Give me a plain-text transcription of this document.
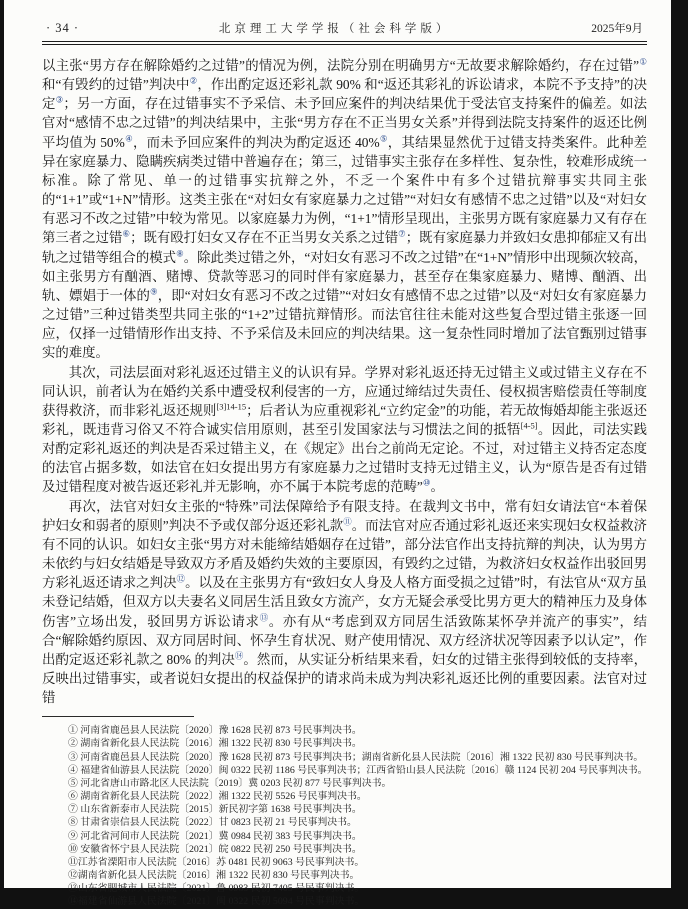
· 34 ·	北京理工大学学报（社会科学版）	2025年9月

以主张“男方存在解除婚约之过错”的情况为例，法院分别在明确男方“无故要求解除婚约，存在过错”①和“有毁约的过错”判决中②，作出酌定返还彩礼款 90% 和“返还其彩礼的诉讼请求，本院不予支持”的决定③；另一方面，存在过错事实不予采信、未予回应案件的判决结果优于受法官支持案件的偏差。如法官对“感情不忠之过错”的判决结果中，主张“男方存在不正当男女关系”并得到法院支持案件的返还比例平均值为 50%④，而未予回应案件的判决为酌定返还 40%⑤，其结果显然优于过错支持类案件。此种差异在家庭暴力、隐瞒疾病类过错中普遍存在；第三，过错事实主张存在多样性、复杂性，较难形成统一标准。除了常见、单一的过错事实抗辩之外，不乏一个案件中有多个过错抗辩事实共同主张的“1+1”或“1+N”情形。这类主张在“对妇女有家庭暴力之过错”“对妇女有感情不忠之过错”以及“对妇女有恶习不改之过错”中较为常见。以家庭暴力为例，“1+1”情形呈现出，主张男方既有家庭暴力又有存在第三者之过错⑥；既有殴打妇女又存在不正当男女关系之过错⑦；既有家庭暴力并致妇女患抑郁症又有出轨之过错等组合的模式⑧。除此类过错之外，“对妇女有恶习不改之过错”在“1+N”情形中出现频次较高，如主张男方有酗酒、赌博、贷款等恶习的同时伴有家庭暴力，甚至存在集家庭暴力、赌博、酗酒、出轨、嫖娼于一体的⑨，即“对妇女有恶习不改之过错”“对妇女有感情不忠之过错”以及“对妇女有家庭暴力之过错”三种过错类型共同主张的“1+2”过错抗辩情形。而法官往往未能对这些复合型过错主张逐一回应，仅择一过错情形作出支持、不予采信及未回应的判决结果。这一复杂性同时增加了法官甄别过错事实的难度。

其次，司法层面对彩礼返还过错主义的认识有异。学界对彩礼返还持无过错主义或过错主义存在不同认识，前者认为在婚约关系中遭受权利侵害的一方，应通过缔结过失责任、侵权损害赔偿责任等制度获得救济，而非彩礼返还规则$^{[3]14-15}$；后者认为应重视彩礼“立约定金”的功能，若无故悔婚却能主张返还彩礼，既违背习俗又不符合诚实信用原则，甚至引发国家法与习惯法之间的抵牾[4-5]。因此，司法实践对酌定彩礼返还的判决是否采过错主义，在《规定》出台之前尚无定论。不过，对过错主义持否定态度的法官占据多数，如法官在妇女提出男方有家庭暴力之过错时支持无过错主义，认为“原告是否有过错及过错程度对被告返还彩礼并无影响，亦不属于本院考虑的范畴”⑩。

再次，法官对妇女主张的“特殊”司法保障给予有限支持。在裁判文书中，常有妇女请法官“本着保护妇女和弱者的原则”判决不予或仅部分返还彩礼款⑪。而法官对应否通过彩礼返还来实现妇女权益救济有不同的认识。如妇女主张“男方对未能缔结婚姻存在过错”，部分法官作出支持抗辩的判决，认为男方未依约与妇女结婚是导致双方矛盾及婚约失效的主要原因，有毁约之过错，为救济妇女权益作出驳回男方彩礼返还请求之判决⑫。以及在主张男方有“致妇女人身及人格方面受损之过错”时，有法官从“双方虽未登记结婚，但双方以夫妻名义同居生活且致女方流产，女方无疑会承受比男方更大的精神压力及身体伤害”立场出发，驳回男方诉讼请求⑬。亦有从“考虑到双方同居生活致陈某怀孕并流产的事实”，结合“解除婚约原因、双方同居时间、怀孕生育状况、财产使用情况、双方经济状况等因素予以认定”，作出酌定返还彩礼款之 80% 的判决⑭。然而，从实证分析结果来看，妇女的过错主张得到较低的支持率，反映出过错事实，或者说妇女提出的权益保护的请求尚未成为判决彩礼返还比例的重要因素。法官对过错

① 河南省鹿邑县人民法院〔2020〕豫 1628 民初 873 号民事判决书。
② 湖南省新化县人民法院〔2016〕湘 1322 民初 830 号民事判决书。
③ 河南省鹿邑县人民法院〔2020〕豫 1628 民初 873 号民事判决书；湖南省新化县人民法院〔2016〕湘 1322 民初 830 号民事判决书。
④ 福建省仙游县人民法院〔2020〕闽 0322 民初 1186 号民事判决书；江西省铅山县人民法院〔2016〕赣 1124 民初 204 号民事判决书。
⑤ 河北省唐山市路北区人民法院〔2019〕冀 0203 民初 877 号民事判决书。
⑥ 湖南省新化县人民法院〔2022〕湘 1322 民初 5526 号民事判决书。
⑦ 山东省新泰市人民法院〔2015〕新民初字第 1638 号民事判决书。
⑧ 甘肃省崇信县人民法院〔2022〕甘 0823 民初 21 号民事判决书。
⑨ 河北省河间市人民法院〔2021〕冀 0984 民初 383 号民事判决书。
⑩ 安徽省怀宁县人民法院〔2021〕皖 0822 民初 250 号民事判决书。
⑪江苏省溧阳市人民法院〔2016〕苏 0481 民初 9063 号民事判决书。
⑫湖南省新化县人民法院〔2016〕湘 1322 民初 830 号民事判决书。
⑬山东省肥城市人民法院〔2021〕鲁 0983 民初 7405 号民事判决书。
⑭福建省仙游县人民法院〔2021〕闽 0322 民初 5094 号民事判决书。
